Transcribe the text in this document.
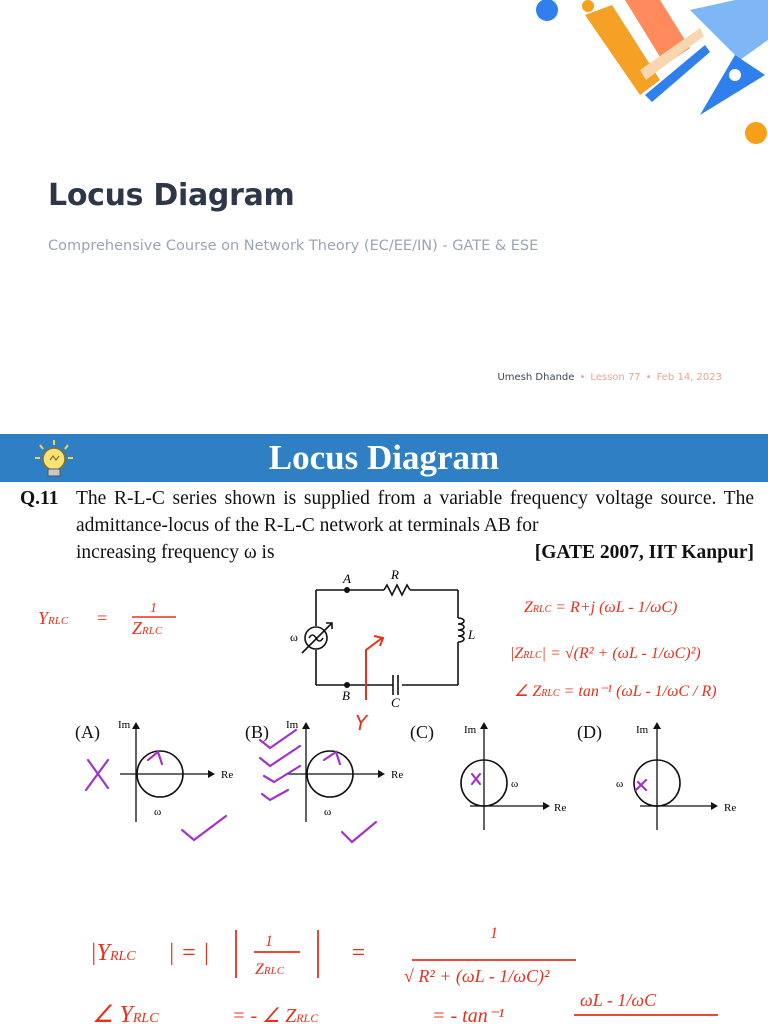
Locus Diagram
Comprehensive Course on Network Theory (EC/EE/IN) - GATE & ESE
Umesh Dhande • Lesson 77 • Feb 14, 2023
Locus Diagram
Q.11 The R-L-C series shown is supplied from a variable frequency voltage source. The admittance-locus of the R-L-C network at terminals AB for
increasing frequency ω is	[GATE 2007, IIT Kanpur]
A
B
R
L
C
ω
YRLC =	1
ZRLC
ZRLC = R+j (ωL - 1/ωC)
|ZRLC| = √(R² + (ωL - 1/ωC)²)
∠ ZRLC = tan⁻¹ (ωL - 1/ωC / R)
Y
(A) Im
Re
ω
(B) Im
Re
ω
(C)	Im
Re
ω
(D)	Im
Re
ω
|YRLC | = |	1
ZRLC
=
1
√ R² + (ωL - 1/ωC)²
∠ YRLC	= - ∠ ZRLC	= - tan⁻¹
ωL - 1/ωC
